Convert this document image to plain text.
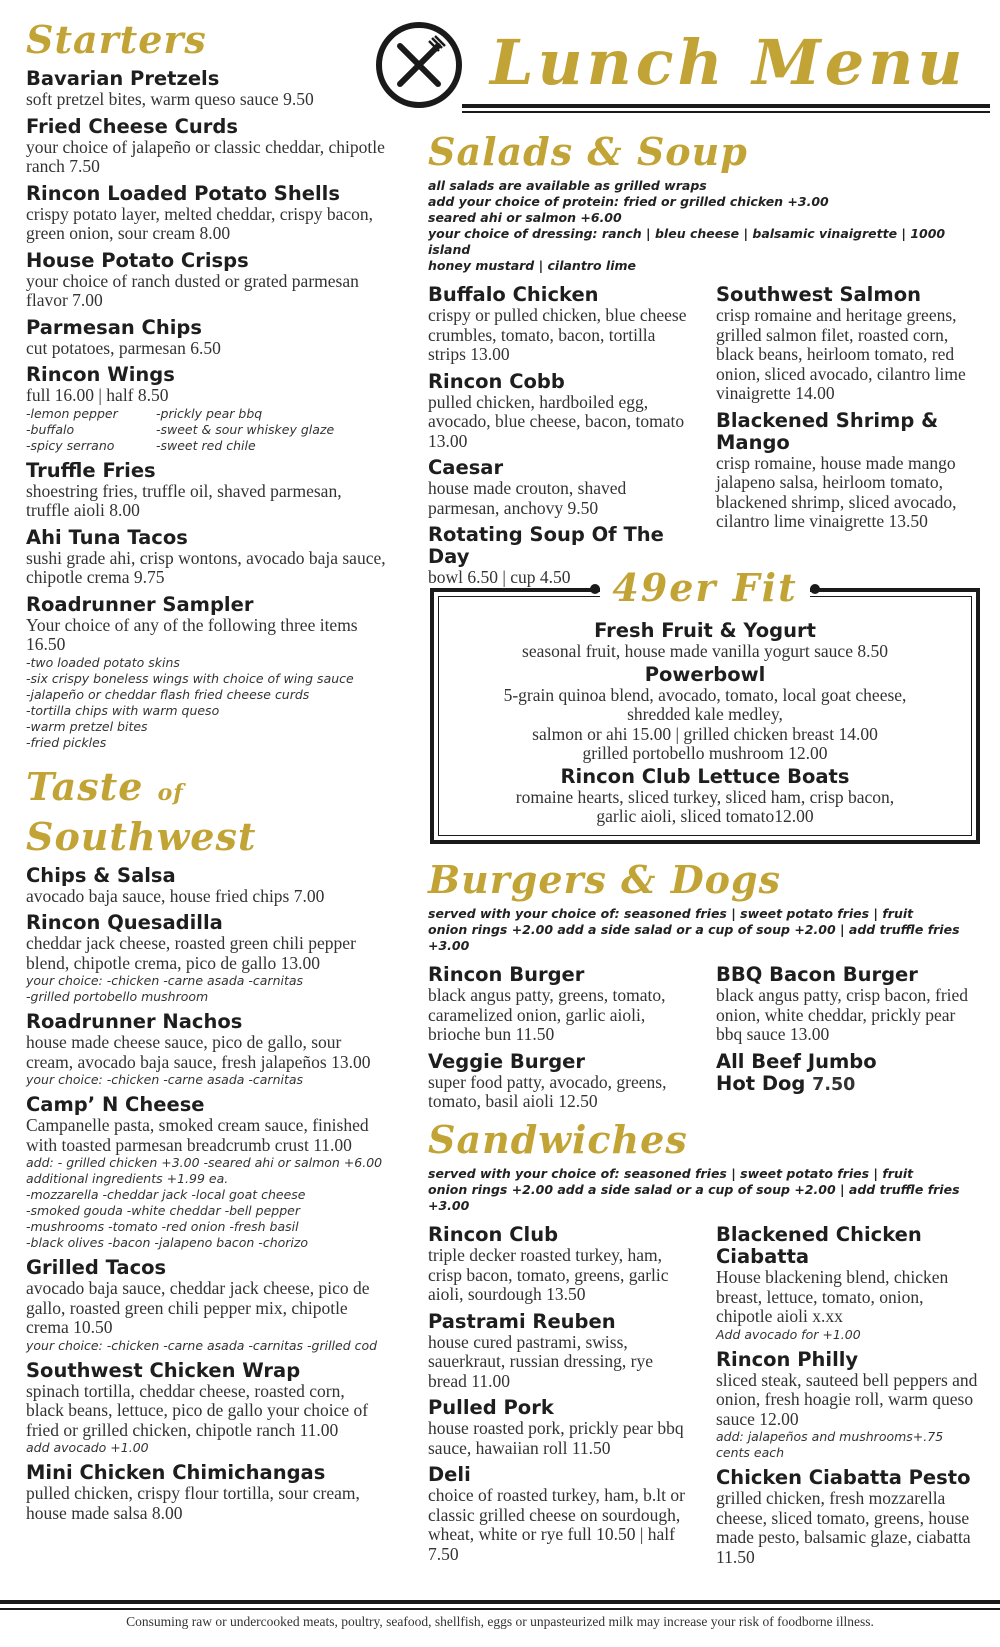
Starters
Bavarian Pretzels
soft pretzel bites, warm queso sauce 9.50
Fried Cheese Curds
your choice of jalapeño or classic cheddar, chipotle ranch 7.50
Rincon Loaded Potato Shells
crispy potato layer, melted cheddar, crispy bacon, green onion, sour cream 8.00
House Potato Crisps
your choice of ranch dusted or grated parmesan flavor 7.00
Parmesan Chips
cut potatoes, parmesan 6.50
Rincon Wings
full 16.00 | half 8.50
-lemon pepper
-buffalo
-spicy serrano
-prickly pear bbq
-sweet & sour whiskey glaze
-sweet red chile
Truffle Fries
shoestring fries, truffle oil, shaved parmesan, truffle aioli 8.00
Ahi Tuna Tacos
sushi grade ahi, crisp wontons, avocado baja sauce, chipotle crema 9.75
Roadrunner Sampler
Your choice of any of the following three items 16.50
-two loaded potato skins
-six crispy boneless wings with choice of wing sauce
-jalapeño or cheddar flash fried cheese curds
-tortilla chips with warm queso
-warm pretzel bites
-fried pickles
Taste of Southwest
Chips & Salsa
avocado baja sauce, house fried chips 7.00
Rincon Quesadilla
cheddar jack cheese, roasted green chili pepper blend, chipotle crema, pico de gallo 13.00
your choice: -chicken -carne asada -carnitas
-grilled portobello mushroom
Roadrunner Nachos
house made cheese sauce, pico de gallo, sour cream, avocado baja sauce, fresh jalapeños 13.00
your choice: -chicken -carne asada -carnitas
Camp’ N Cheese
Campanelle pasta, smoked cream sauce, finished with toasted parmesan breadcrumb crust 11.00
add: - grilled chicken +3.00 -seared ahi or salmon +6.00
additional ingredients +1.99 ea.
-mozzarella -cheddar jack -local goat cheese
-smoked gouda -white cheddar -bell pepper
-mushrooms -tomato -red onion -fresh basil
-black olives -bacon -jalapeno bacon -chorizo
Grilled Tacos
avocado baja sauce, cheddar jack cheese, pico de gallo, roasted green chili pepper mix, chipotle crema 10.50
your choice: -chicken -carne asada -carnitas -grilled cod
Southwest Chicken Wrap
spinach tortilla, cheddar cheese, roasted corn, black beans, lettuce, pico de gallo your choice of fried or grilled chicken, chipotle ranch 11.00
add avocado +1.00
Mini Chicken Chimichangas
pulled chicken, crispy flour tortilla, sour cream, house made salsa 8.00
Lunch Menu
Salads & Soup
all salads are available as grilled wraps
add your choice of protein: fried or grilled chicken +3.00
seared ahi or salmon +6.00
your choice of dressing: ranch | bleu cheese | balsamic vinaigrette | 1000 island
honey mustard | cilantro lime
Buffalo Chicken
crispy or pulled chicken, blue cheese crumbles, tomato, bacon, tortilla strips 13.00
Rincon Cobb
pulled chicken, hardboiled egg, avocado, blue cheese, bacon, tomato 13.00
Caesar
house made crouton, shaved parmesan, anchovy 9.50
Rotating Soup Of The Day
bowl 6.50 | cup 4.50
Southwest Salmon
crisp romaine and heritage greens, grilled salmon filet, roasted corn, black beans, heirloom tomato, red onion, sliced avocado, cilantro lime vinaigrette 14.00
Blackened Shrimp & Mango
crisp romaine, house made mango jalapeno salsa, heirloom tomato, blackened shrimp, sliced avocado, cilantro lime vinaigrette 13.50
Fresh Fruit & Yogurt
seasonal fruit, house made vanilla yogurt sauce 8.50
Powerbowl
5-grain quinoa blend, avocado, tomato, local goat cheese,
shredded kale medley,
salmon or ahi 15.00 | grilled chicken breast 14.00
grilled portobello mushroom 12.00
Rincon Club Lettuce Boats
romaine hearts, sliced turkey, sliced ham, crisp bacon,
garlic aioli, sliced tomato12.00
49er Fit
Burgers & Dogs
served with your choice of: seasoned fries | sweet potato fries | fruit
onion rings +2.00 add a side salad or a cup of soup +2.00 | add truffle fries +3.00
Rincon Burger
black angus patty, greens, tomato, caramelized onion, garlic aioli, brioche bun 11.50
Veggie Burger
super food patty, avocado, greens, tomato, basil aioli 12.50
BBQ Bacon Burger
black angus patty, crisp bacon, fried onion, white cheddar, prickly pear bbq sauce 13.00
All Beef Jumbo
Hot Dog 7.50
Sandwiches
served with your choice of: seasoned fries | sweet potato fries | fruit
onion rings +2.00 add a side salad or a cup of soup +2.00 | add truffle fries +3.00
Rincon Club
triple decker roasted turkey, ham, crisp bacon, tomato, greens, garlic aioli, sourdough 13.50
Pastrami Reuben
house cured pastrami, swiss, sauerkraut, russian dressing, rye bread 11.00
Pulled Pork
house roasted pork, prickly pear bbq sauce, hawaiian roll 11.50
Deli
choice of roasted turkey, ham, b.lt or classic grilled cheese on sourdough, wheat, white or rye full 10.50 | half 7.50
Blackened Chicken Ciabatta
House blackening blend, chicken breast, lettuce, tomato, onion, chipotle aioli x.xx
Add avocado for +1.00
Rincon Philly
sliced steak, sauteed bell peppers and onion, fresh hoagie roll, warm queso sauce 12.00
add: jalapeños and mushrooms+.75
cents each
Chicken Ciabatta Pesto
grilled chicken, fresh mozzarella cheese, sliced tomato, greens, house made pesto, balsamic glaze, ciabatta 11.50
Consuming raw or undercooked meats, poultry, seafood, shellfish, eggs or unpasteurized milk may increase your risk of foodborne illness.
